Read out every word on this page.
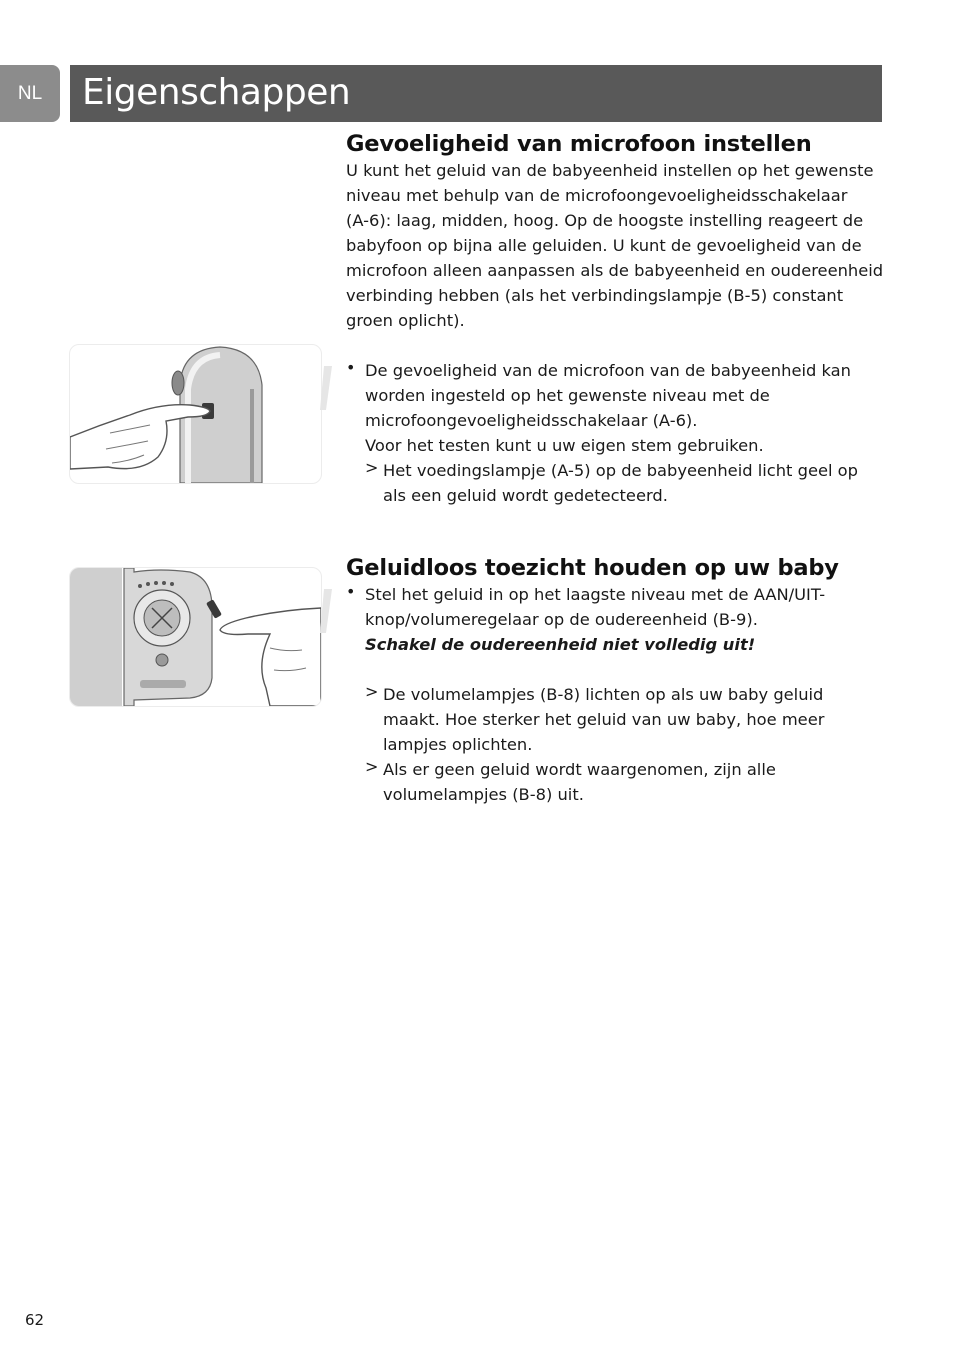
NL	Eigenschappen
Gevoeligheid van microfoon instellen
U kunt het geluid van de babyeenheid instellen op het gewenste
niveau met behulp van de microfoongevoeligheidsschakelaar
(A-6): laag, midden, hoog. Op de hoogste instelling reageert de
babyfoon op bijna alle geluiden. U kunt de gevoeligheid van de
microfoon alleen aanpassen als de babyeenheid en oudereenheid
verbinding hebben (als het verbindingslampje (B-5) constant
groen oplicht).
• De gevoeligheid van de microfoon van de babyeenheid kan
worden ingesteld op het gewenste niveau met de
microfoongevoeligheidsschakelaar (A-6).
Voor het testen kunt u uw eigen stem gebruiken.
> Het voedingslampje (A-5) op de babyeenheid licht geel op
als een geluid wordt gedetecteerd.
Geluidloos toezicht houden op uw baby
• Stel het geluid in op het laagste niveau met de AAN/UIT-
knop/volumeregelaar op de oudereenheid (B-9).
Schakel de oudereenheid niet volledig uit!
> De volumelampjes (B-8) lichten op als uw baby geluid
maakt. Hoe sterker het geluid van uw baby, hoe meer
lampjes oplichten.
> Als er geen geluid wordt waargenomen, zijn alle
volumelampjes (B-8) uit.
62
